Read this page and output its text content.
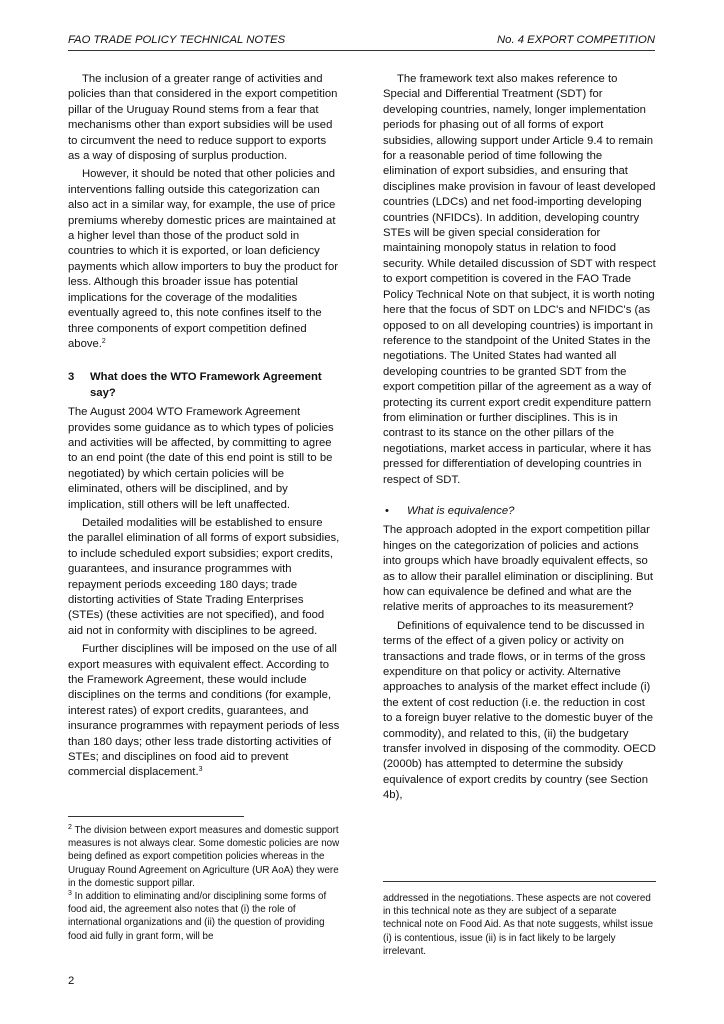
FAO TRADE POLICY TECHNICAL NOTES	No. 4 EXPORT COMPETITION

The inclusion of a greater range of activities and policies than that considered in the export competition pillar of the Uruguay Round stems from a fear that mechanisms other than export subsidies will be used to circumvent the need to reduce support to exports as a way of disposing of surplus production.

However, it should be noted that other policies and interventions falling outside this categorization can also act in a similar way, for example, the use of price premiums whereby domestic prices are maintained at a higher level than those of the product sold in countries to which it is exported, or loan deficiency payments which allow importers to buy the product for less. Although this broader issue has potential implications for the coverage of the modalities eventually agreed to, this note confines itself to the three components of export competition defined above.$^2$

3 What does the WTO Framework Agreement say?

The August 2004 WTO Framework Agreement provides some guidance as to which types of policies and activities will be affected, by committing to agree to an end point (the date of this end point is still to be negotiated) by which certain policies will be eliminated, others will be disciplined, and by implication, still others will be left unaffected.

Detailed modalities will be established to ensure the parallel elimination of all forms of export subsidies, to include scheduled export subsidies; export credits, guarantees, and insurance programmes with repayment periods exceeding 180 days; trade distorting activities of State Trading Enterprises (STEs) (these activities are not specified), and food aid not in conformity with disciplines to be agreed.

Further disciplines will be imposed on the use of all export measures with equivalent effect. According to the Framework Agreement, these would include disciplines on the terms and conditions (for example, interest rates) of export credits, guarantees, and insurance programmes with repayment periods of less than 180 days; other less trade distorting activities of STEs; and disciplines on food aid to prevent commercial displacement.$^3$

The framework text also makes reference to Special and Differential Treatment (SDT) for developing countries, namely, longer implementation periods for phasing out of all forms of export subsidies, allowing support under Article 9.4 to remain for a reasonable period of time following the elimination of export subsidies, and ensuring that disciplines make provision in favour of least developed countries (LDCs) and net food-importing developing countries (NFIDCs). In addition, developing country STEs will be given special consideration for maintaining monopoly status in relation to food security. While detailed discussion of SDT with respect to export competition is covered in the FAO Trade Policy Technical Note on that subject, it is worth noting here that the focus of SDT on LDC's and NFIDC's (as opposed to on all developing countries) is important in reference to the standpoint of the United States in the negotiations. The United States had wanted all developing countries to be granted SDT from the export competition pillar of the agreement as a way of protecting its current export credit expenditure pattern from elimination or further disciplines. This is in contrast to its stance on the other pillars of the negotiations, market access in particular, where it has pressed for differentiation of developing countries in respect of SDT.

• What is equivalence?

The approach adopted in the export competition pillar hinges on the categorization of policies and actions into groups which have broadly equivalent effects, so as to allow their parallel elimination or disciplining. But how can equivalence be defined and what are the relative merits of approaches to its measurement?

Definitions of equivalence tend to be discussed in terms of the effect of a given policy or activity on transactions and trade flows, or in terms of the gross expenditure on that policy or activity. Alternative approaches to analysis of the market effect include (i) the extent of cost reduction (i.e. the reduction in cost to a foreign buyer relative to the domestic buyer of the commodity), and related to this, (ii) the budgetary transfer involved in disposing of the commodity. OECD (2000b) has attempted to determine the subsidy equivalence of export credits by country (see Section 4b),

$^2$ The division between export measures and domestic support measures is not always clear. Some domestic policies are now being defined as export competition policies whereas in the Uruguay Round Agreement on Agriculture (UR AoA) they were in the domestic support pillar.

$^3$ In addition to eliminating and/or disciplining some forms of food aid, the agreement also notes that (i) the role of international organizations and (ii) the question of providing food aid fully in grant form, will be

addressed in the negotiations. These aspects are not covered in this technical note as they are subject of a separate technical note on Food Aid. As that note suggests, whilst issue (i) is contentious, issue (ii) is in fact likely to be largely irrelevant.

2
